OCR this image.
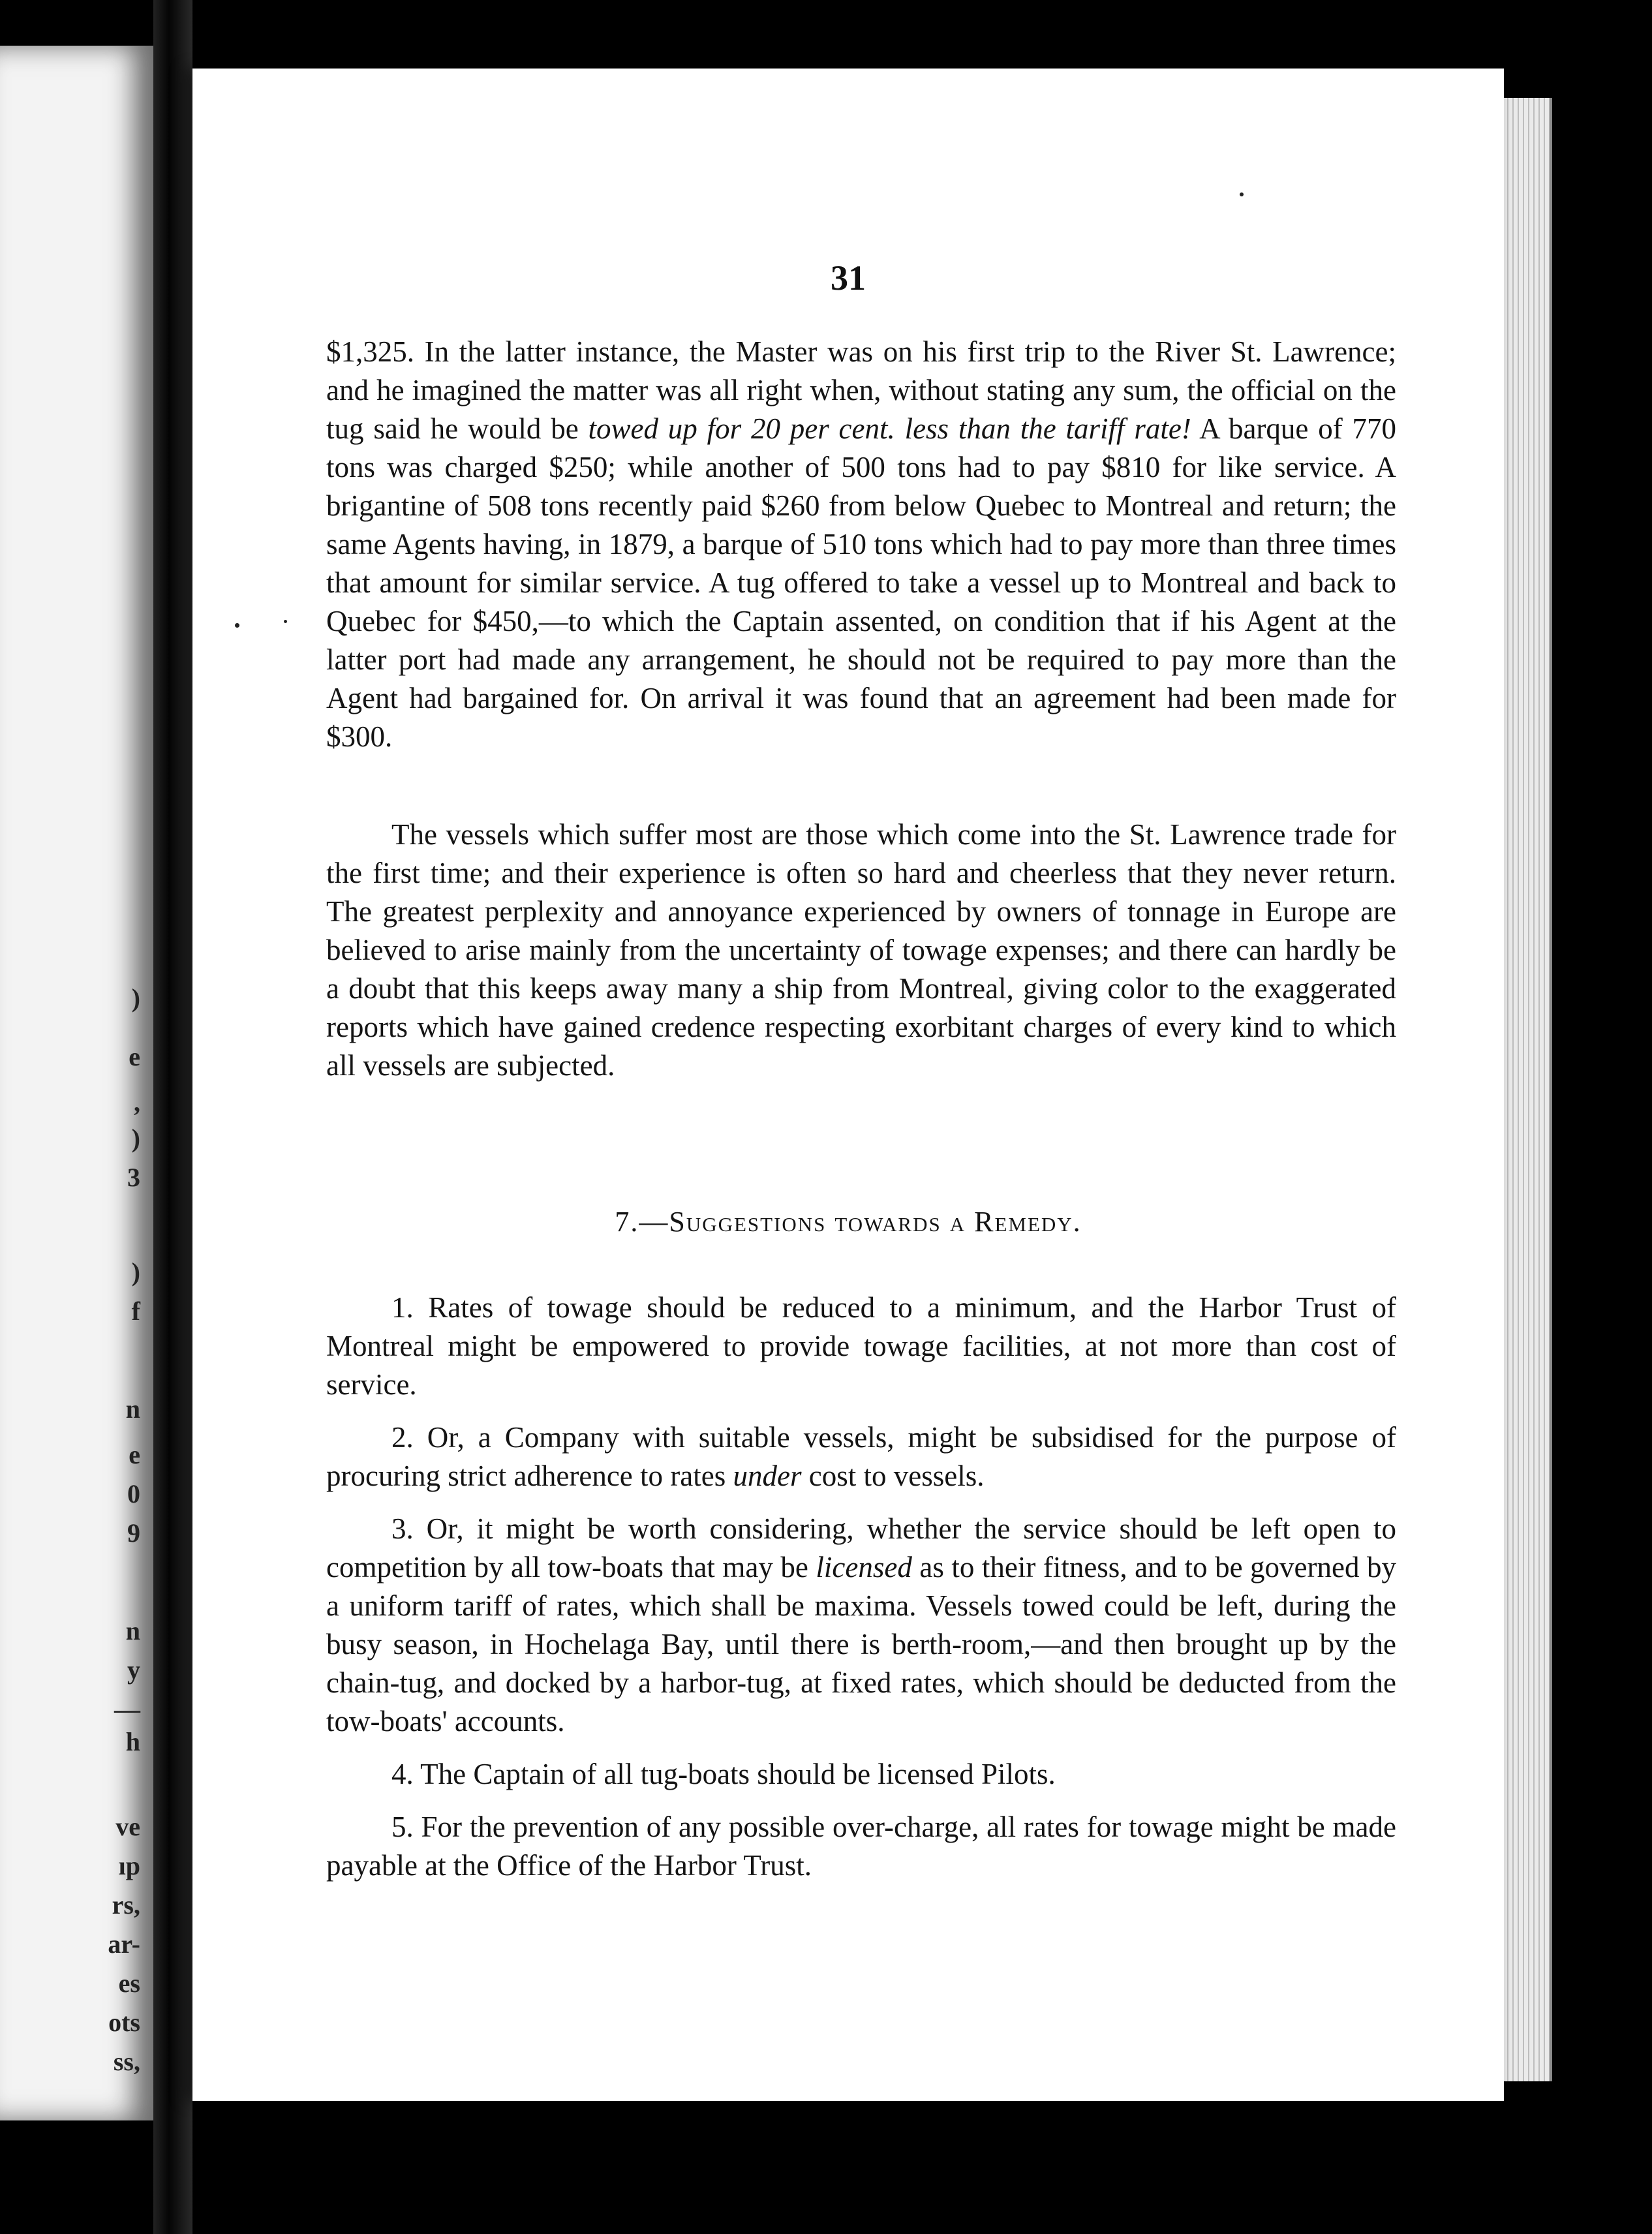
)
e
,
)
3
)
f
n
e
0
9
n
y
—
h
ve
ıp
rs,
ar-
es
ots
ss,
31

$1,325. In the latter instance, the Master was on his first trip to the River St. Lawrence; and he imagined the matter was all right when, without stating any sum, the official on the tug said he would be towed up for 20 per cent. less than the tariff rate! A barque of 770 tons was charged $250; while another of 500 tons had to pay $810 for like service. A brigantine of 508 tons recently paid $260 from below Quebec to Montreal and return; the same Agents having, in 1879, a barque of 510 tons which had to pay more than three times that amount for similar service. A tug offered to take a vessel up to Montreal and back to Quebec for $450,—to which the Captain assented, on condition that if his Agent at the latter port had made any arrangement, he should not be required to pay more than the Agent had bargained for. On arrival it was found that an agreement had been made for $300.

The vessels which suffer most are those which come into the St. Lawrence trade for the first time; and their experience is often so hard and cheerless that they never return. The greatest perplexity and annoyance experienced by owners of tonnage in Europe are believed to arise mainly from the uncertainty of towage expenses; and there can hardly be a doubt that this keeps away many a ship from Montreal, giving color to the exaggerated reports which have gained credence respecting exorbitant charges of every kind to which all vessels are subjected.

7.—Suggestions towards a Remedy.

1. Rates of towage should be reduced to a minimum, and the Harbor Trust of Montreal might be empowered to provide towage facilities, at not more than cost of service.

2. Or, a Company with suitable vessels, might be subsidised for the purpose of procuring strict adherence to rates under cost to vessels.

3. Or, it might be worth considering, whether the service should be left open to competition by all tow-boats that may be licensed as to their fitness, and to be governed by a uniform tariff of rates, which shall be maxima. Vessels towed could be left, during the busy season, in Hochelaga Bay, until there is berth-room,—and then brought up by the chain-tug, and docked by a harbor-tug, at fixed rates, which should be deducted from the tow-boats' accounts.

4. The Captain of all tug-boats should be licensed Pilots.

5. For the prevention of any possible over-charge, all rates for towage might be made payable at the Office of the Harbor Trust.
